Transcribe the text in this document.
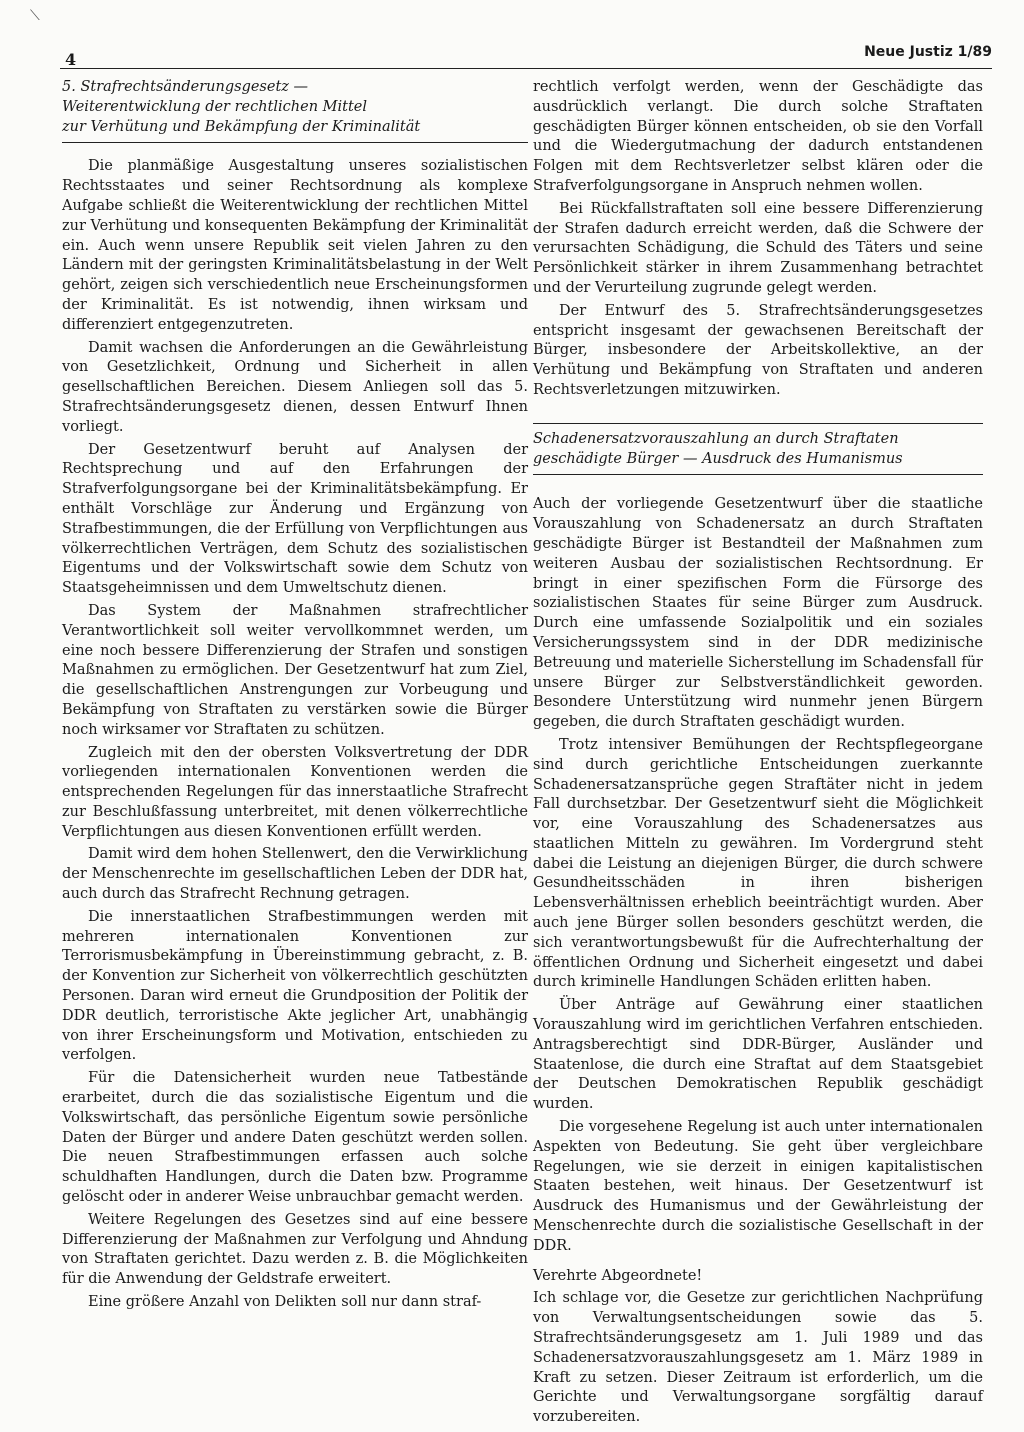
⟍
4	Neue Justiz 1/89
5. Strafrechtsänderungsgesetz —
Weiterentwicklung der rechtlichen Mittel
zur Verhütung und Bekämpfung der Kriminalität

Die planmäßige Ausgestaltung unseres sozialistischen Rechtsstaates und seiner Rechtsordnung als komplexe Aufgabe schließt die Weiterentwicklung der rechtlichen Mittel zur Verhütung und konsequenten Bekämpfung der Kriminalität ein. Auch wenn unsere Republik seit vielen Jahren zu den Ländern mit der geringsten Kriminalitätsbelastung in der Welt gehört, zeigen sich verschiedentlich neue Erscheinungsformen der Kriminalität. Es ist notwendig, ihnen wirksam und differenziert entgegenzutreten.

Damit wachsen die Anforderungen an die Gewährleistung von Gesetzlichkeit, Ordnung und Sicherheit in allen gesellschaftlichen Bereichen. Diesem Anliegen soll das 5. Strafrechtsänderungsgesetz dienen, dessen Entwurf Ihnen vorliegt.

Der Gesetzentwurf beruht auf Analysen der Rechtsprechung und auf den Erfahrungen der Strafverfolgungsorgane bei der Kriminalitätsbekämpfung. Er enthält Vorschläge zur Änderung und Ergänzung von Strafbestimmungen, die der Erfüllung von Verpflichtungen aus völkerrechtlichen Verträgen, dem Schutz des sozialistischen Eigentums und der Volkswirtschaft sowie dem Schutz von Staatsgeheimnissen und dem Umweltschutz dienen.

Das System der Maßnahmen strafrechtlicher Verantwortlichkeit soll weiter vervollkommnet werden, um eine noch bessere Differenzierung der Strafen und sonstigen Maßnahmen zu ermöglichen. Der Gesetzentwurf hat zum Ziel, die gesellschaftlichen Anstrengungen zur Vorbeugung und Bekämpfung von Straftaten zu verstärken sowie die Bürger noch wirksamer vor Straftaten zu schützen.

Zugleich mit den der obersten Volksvertretung der DDR vorliegenden internationalen Konventionen werden die entsprechenden Regelungen für das innerstaatliche Strafrecht zur Beschlußfassung unterbreitet, mit denen völkerrechtliche Verpflichtungen aus diesen Konventionen erfüllt werden.

Damit wird dem hohen Stellenwert, den die Verwirklichung der Menschenrechte im gesellschaftlichen Leben der DDR hat, auch durch das Strafrecht Rechnung getragen.

Die innerstaatlichen Strafbestimmungen werden mit mehreren internationalen Konventionen zur Terrorismusbekämpfung in Übereinstimmung gebracht, z. B. der Konvention zur Sicherheit von völkerrechtlich geschützten Personen. Daran wird erneut die Grundposition der Politik der DDR deutlich, terroristische Akte jeglicher Art, unabhängig von ihrer Erscheinungsform und Motivation, entschieden zu verfolgen.

Für die Datensicherheit wurden neue Tatbestände erarbeitet, durch die das sozialistische Eigentum und die Volkswirtschaft, das persönliche Eigentum sowie persönliche Daten der Bürger und andere Daten geschützt werden sollen. Die neuen Strafbestimmungen erfassen auch solche schuldhaften Handlungen, durch die Daten bzw. Programme gelöscht oder in anderer Weise unbrauchbar gemacht werden.

Weitere Regelungen des Gesetzes sind auf eine bessere Differenzierung der Maßnahmen zur Verfolgung und Ahndung von Straftaten gerichtet. Dazu werden z. B. die Möglichkeiten für die Anwendung der Geldstrafe erweitert.

Eine größere Anzahl von Delikten soll nur dann straf-

rechtlich verfolgt werden, wenn der Geschädigte das ausdrücklich verlangt. Die durch solche Straftaten geschädigten Bürger können entscheiden, ob sie den Vorfall und die Wiedergutmachung der dadurch entstandenen Folgen mit dem Rechtsverletzer selbst klären oder die Strafverfolgungsorgane in Anspruch nehmen wollen.

Bei Rückfallstraftaten soll eine bessere Differenzierung der Strafen dadurch erreicht werden, daß die Schwere der verursachten Schädigung, die Schuld des Täters und seine Persönlichkeit stärker in ihrem Zusammenhang betrachtet und der Verurteilung zugrunde gelegt werden.

Der Entwurf des 5. Strafrechtsänderungsgesetzes entspricht insgesamt der gewachsenen Bereitschaft der Bürger, insbesondere der Arbeitskollektive, an der Verhütung und Bekämpfung von Straftaten und anderen Rechtsverletzungen mitzuwirken.

Schadenersatzvorauszahlung an durch Straftaten
geschädigte Bürger — Ausdruck des Humanismus

Auch der vorliegende Gesetzentwurf über die staatliche Vorauszahlung von Schadenersatz an durch Straftaten geschädigte Bürger ist Bestandteil der Maßnahmen zum weiteren Ausbau der sozialistischen Rechtsordnung. Er bringt in einer spezifischen Form die Fürsorge des sozialistischen Staates für seine Bürger zum Ausdruck. Durch eine umfassende Sozialpolitik und ein soziales Versicherungssystem sind in der DDR medizinische Betreuung und materielle Sicherstellung im Schadensfall für unsere Bürger zur Selbstverständlichkeit geworden. Besondere Unterstützung wird nunmehr jenen Bürgern gegeben, die durch Straftaten geschädigt wurden.

Trotz intensiver Bemühungen der Rechtspflegeorgane sind durch gerichtliche Entscheidungen zuerkannte Schadenersatzansprüche gegen Straftäter nicht in jedem Fall durchsetzbar. Der Gesetzentwurf sieht die Möglichkeit vor, eine Vorauszahlung des Schadenersatzes aus staatlichen Mitteln zu gewähren. Im Vordergrund steht dabei die Leistung an diejenigen Bürger, die durch schwere Gesundheitsschäden in ihren bisherigen Lebensverhältnissen erheblich beeinträchtigt wurden. Aber auch jene Bürger sollen besonders geschützt werden, die sich verantwortungsbewußt für die Aufrechterhaltung der öffentlichen Ordnung und Sicherheit eingesetzt und dabei durch kriminelle Handlungen Schäden erlitten haben.

Über Anträge auf Gewährung einer staatlichen Vorauszahlung wird im gerichtlichen Verfahren entschieden. Antragsberechtigt sind DDR-Bürger, Ausländer und Staatenlose, die durch eine Straftat auf dem Staatsgebiet der Deutschen Demokratischen Republik geschädigt wurden.

Die vorgesehene Regelung ist auch unter internationalen Aspekten von Bedeutung. Sie geht über vergleichbare Regelungen, wie sie derzeit in einigen kapitalistischen Staaten bestehen, weit hinaus. Der Gesetzentwurf ist Ausdruck des Humanismus und der Gewährleistung der Menschenrechte durch die sozialistische Gesellschaft in der DDR.

Verehrte Abgeordnete!

Ich schlage vor, die Gesetze zur gerichtlichen Nachprüfung von Verwaltungsentscheidungen sowie das 5. Strafrechtsänderungsgesetz am 1. Juli 1989 und das Schadenersatzvorauszahlungsgesetz am 1. März 1989 in Kraft zu setzen. Dieser Zeitraum ist erforderlich, um die Gerichte und Verwaltungsorgane sorgfältig darauf vorzubereiten.
